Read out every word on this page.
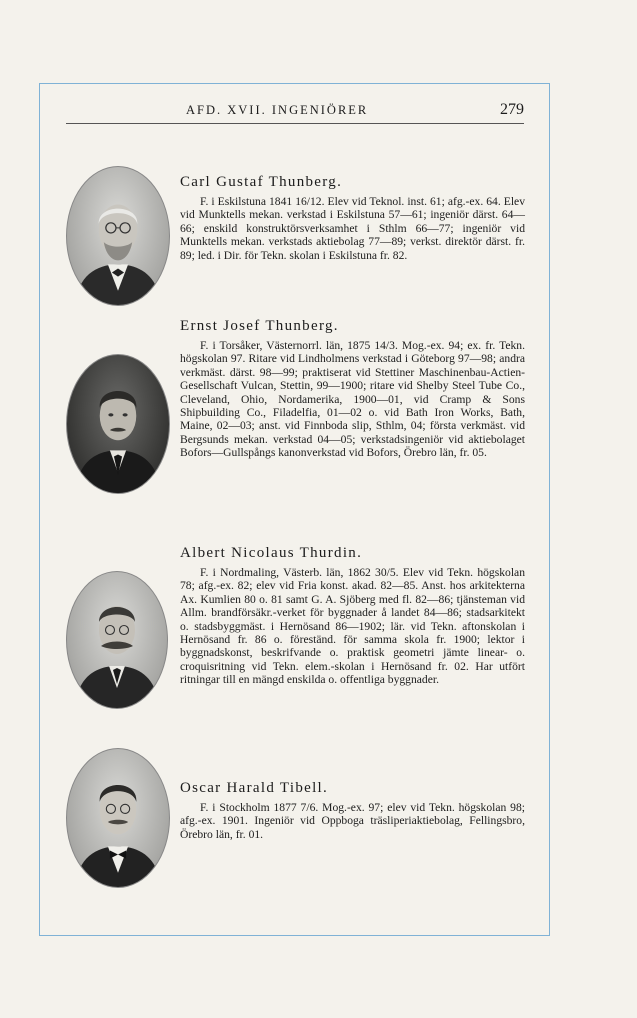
AFD. XVII. INGENIÖRER	279
Carl Gustaf Thunberg.

F. i Eskilstuna 1841 16/12. Elev vid Teknol. inst. 61; afg.-ex. 64. Elev vid Munktells mekan. verkstad i Eskilstuna 57—61; ingeniör därst. 64—66; enskild konstruktörsverksamhet i Sthlm 66—77; ingeniör vid Munktells mekan. verkstads aktiebolag 77—89; verkst. direktör därst. fr. 89; led. i Dir. för Tekn. skolan i Eskilstuna fr. 82.

Ernst Josef Thunberg.

F. i Torsåker, Västernorrl. län, 1875 14/3. Mog.-ex. 94; ex. fr. Tekn. högskolan 97. Ritare vid Lindholmens verkstad i Göteborg 97—98; andra verkmäst. därst. 98—99; praktiserat vid Stettiner Maschinenbau-Actien-Gesellschaft Vulcan, Stettin, 99—1900; ritare vid Shelby Steel Tube Co., Cleveland, Ohio, Nordamerika, 1900—01, vid Cramp & Sons Shipbuilding Co., Filadelfia, 01—02 o. vid Bath Iron Works, Bath, Maine, 02—03; anst. vid Finnboda slip, Sthlm, 04; första verkmäst. vid Bergsunds mekan. verkstad 04—05; verkstadsingeniör vid aktiebolaget Bofors—Gullspångs kanonverkstad vid Bofors, Örebro län, fr. 05.

Albert Nicolaus Thurdin.

F. i Nordmaling, Västerb. län, 1862 30/5. Elev vid Tekn. högskolan 78; afg.-ex. 82; elev vid Fria konst. akad. 82—85. Anst. hos arkitekterna Ax. Kumlien 80 o. 81 samt G. A. Sjöberg med fl. 82—86; tjänsteman vid Allm. brandförsäkr.-verket för byggnader å landet 84—86; stadsarkitekt o. stadsbyggmäst. i Hernösand 86—1902; lär. vid Tekn. aftonskolan i Hernösand fr. 86 o. föreständ. för samma skola fr. 1900; lektor i byggnadskonst, beskrifvande o. praktisk geometri jämte linear- o. croquisritning vid Tekn. elem.-skolan i Hernösand fr. 02. Har utfört ritningar till en mängd enskilda o. offentliga byggnader.

Oscar Harald Tibell.

F. i Stockholm 1877 7/6. Mog.-ex. 97; elev vid Tekn. högskolan 98; afg.-ex. 1901. Ingeniör vid Oppboga träsliperiaktiebolag, Fellingsbro, Örebro län, fr. 01.
